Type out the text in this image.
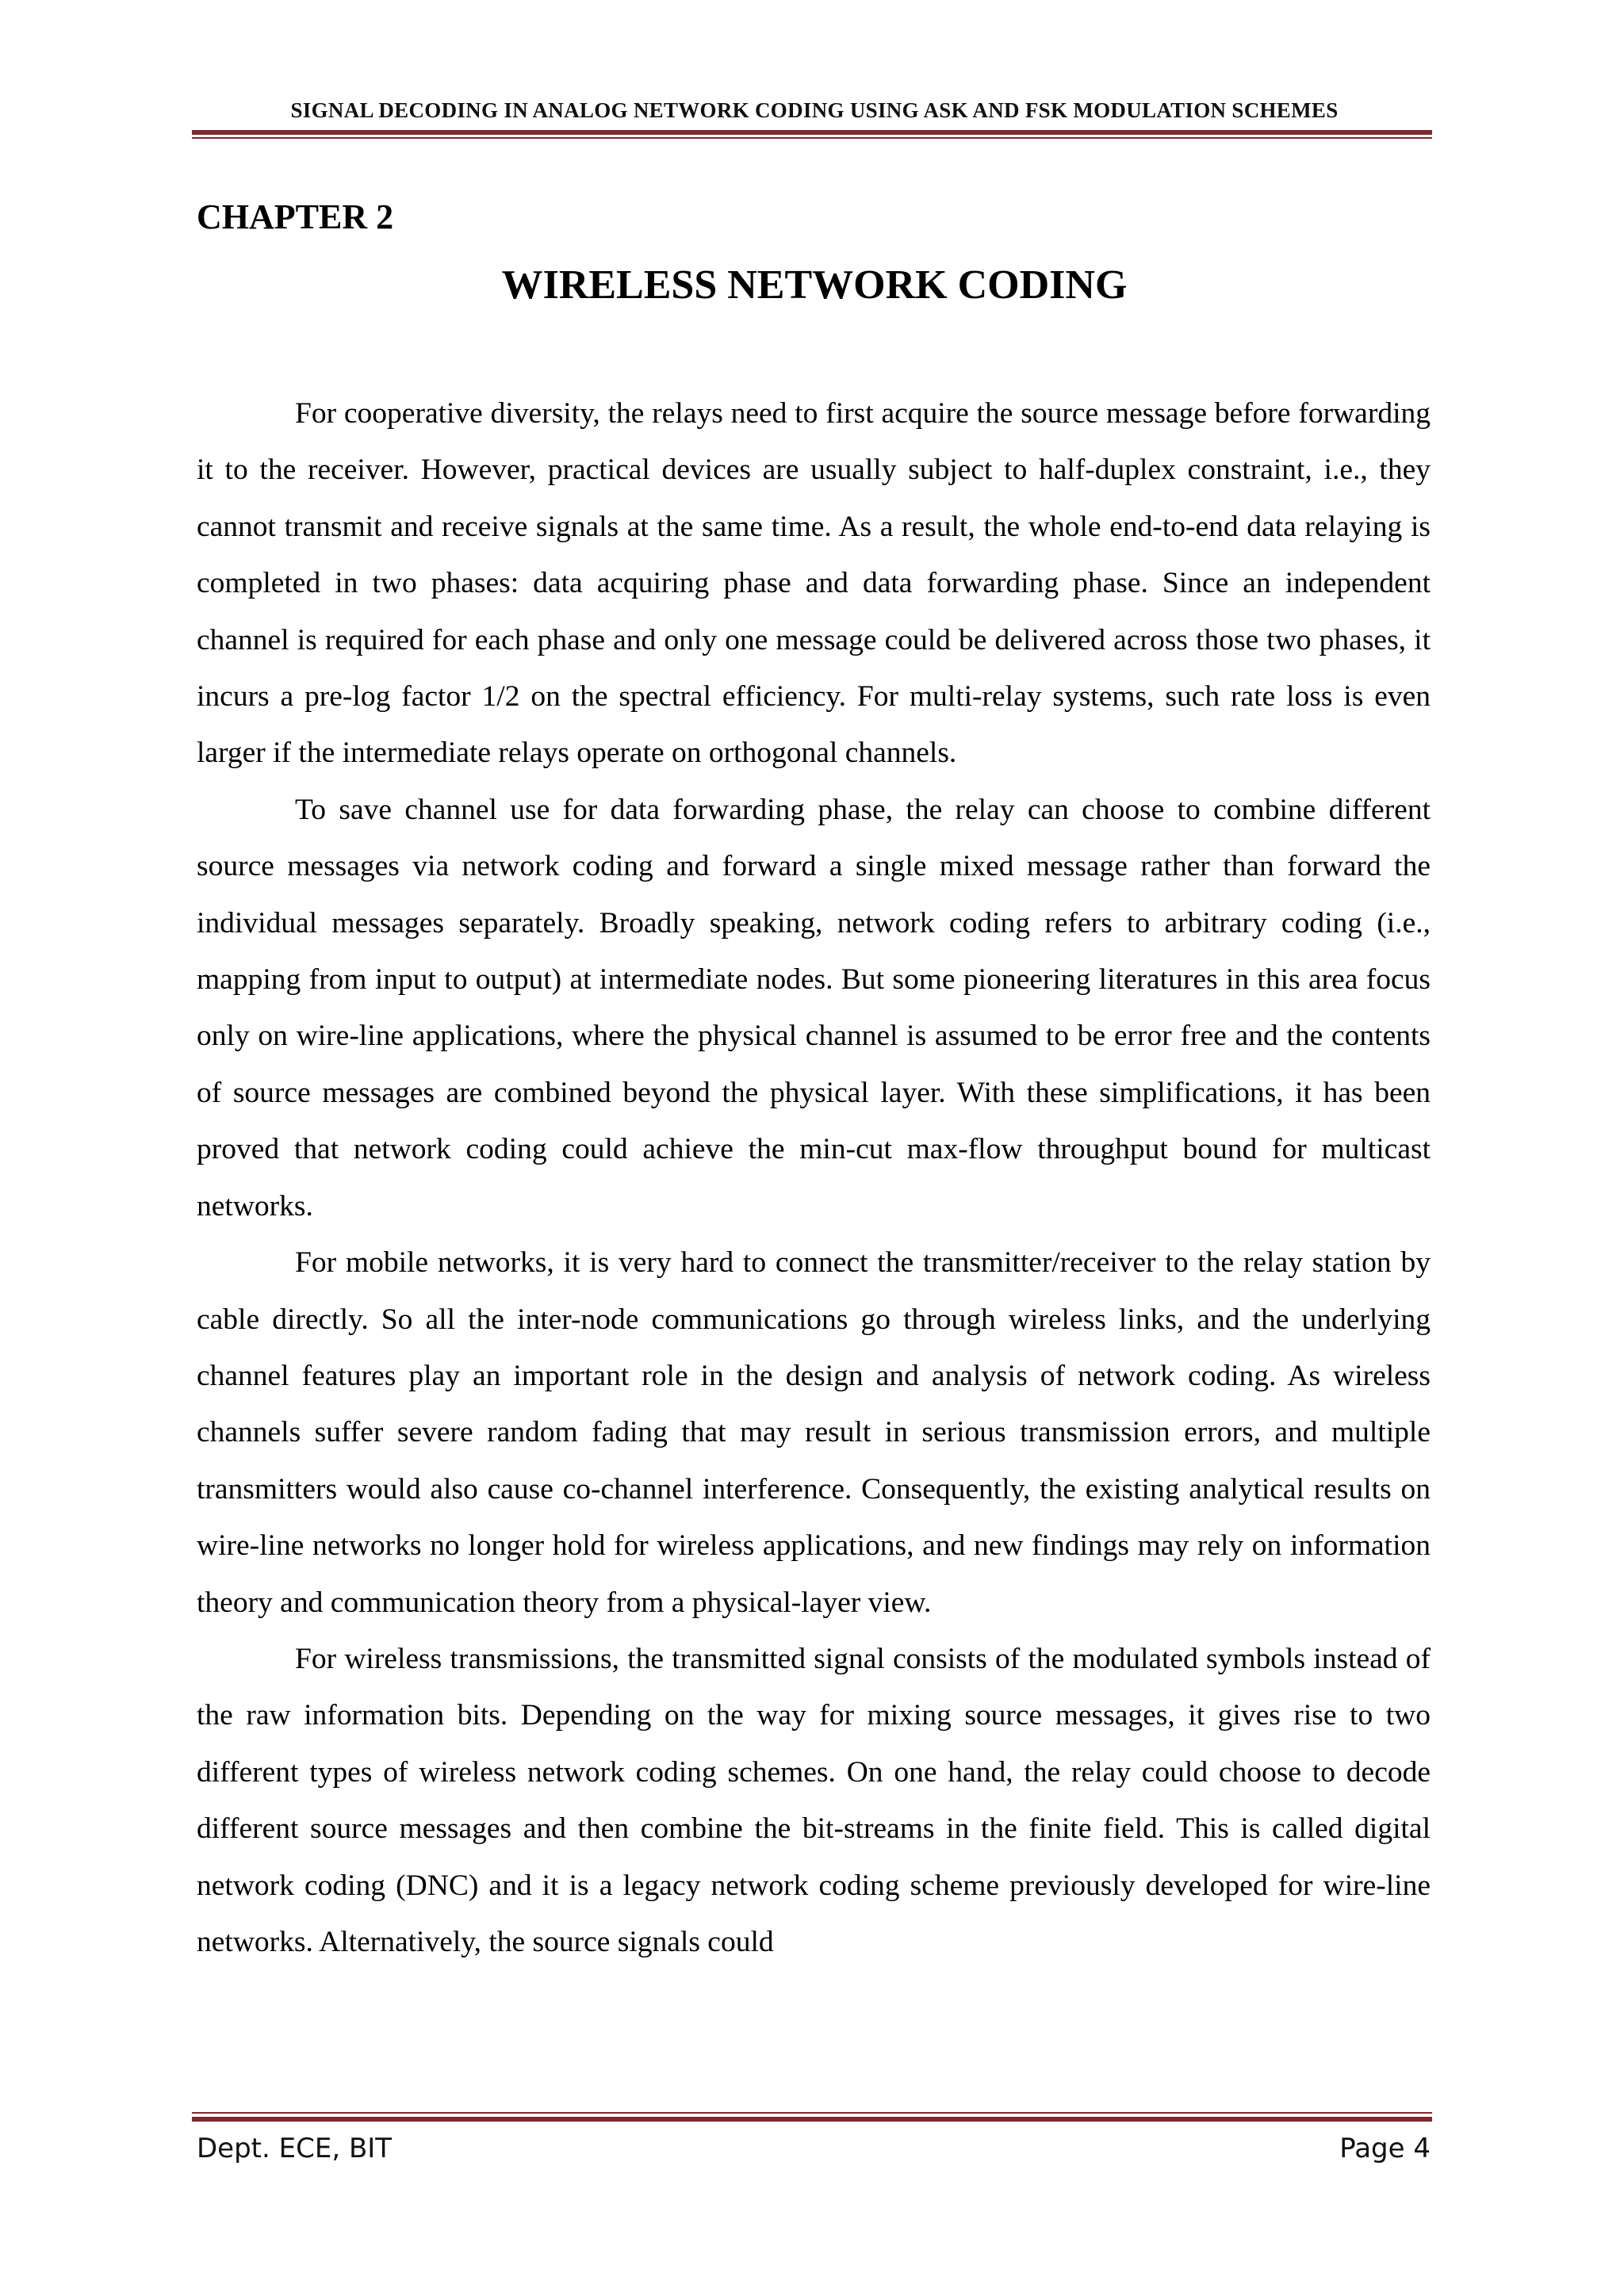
SIGNAL DECODING IN ANALOG NETWORK CODING USING ASK AND FSK MODULATION SCHEMES
CHAPTER 2
WIRELESS NETWORK CODING

For cooperative diversity, the relays need to first acquire the source message before forwarding it to the receiver. However, practical devices are usually subject to half-duplex constraint, i.e., they cannot transmit and receive signals at the same time. As a result, the whole end-to-end data relaying is completed in two phases: data acquiring phase and data forwarding phase. Since an independent channel is required for each phase and only one message could be delivered across those two phases, it incurs a pre-log factor 1/2 on the spectral efficiency. For multi-relay systems, such rate loss is even larger if the intermediate relays operate on orthogonal channels.

To save channel use for data forwarding phase, the relay can choose to combine different source messages via network coding and forward a single mixed message rather than forward the individual messages separately. Broadly speaking, network coding refers to arbitrary coding (i.e., mapping from input to output) at intermediate nodes. But some pioneering literatures in this area focus only on wire-line applications, where the physical channel is assumed to be error free and the contents of source messages are combined beyond the physical layer. With these simplifications, it has been proved that network coding could achieve the min-cut max-flow throughput bound for multicast networks.

For mobile networks, it is very hard to connect the transmitter/receiver to the relay station by cable directly. So all the inter-node communications go through wireless links, and the underlying channel features play an important role in the design and analysis of network coding. As wireless channels suffer severe random fading that may result in serious transmission errors, and multiple transmitters would also cause co-channel interference. Consequently, the existing analytical results on wire-line networks no longer hold for wireless applications, and new findings may rely on information theory and communication theory from a physical-layer view.

For wireless transmissions, the transmitted signal consists of the modulated symbols instead of the raw information bits. Depending on the way for mixing source messages, it gives rise to two different types of wireless network coding schemes. On one hand, the relay could choose to decode different source messages and then combine the bit-streams in the finite field. This is called digital network coding (DNC) and it is a legacy network coding scheme previously developed for wire-line networks. Alternatively, the source signals could

Dept. ECE, BIT	Page 4
